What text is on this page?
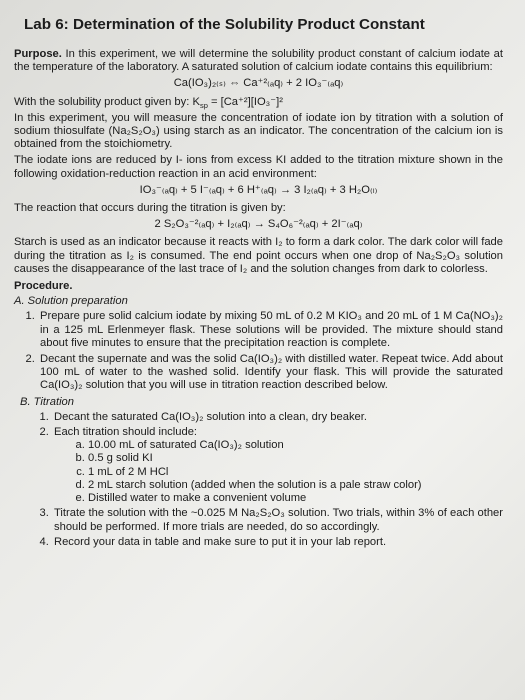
Lab 6: Determination of the Solubility Product Constant

Purpose. In this experiment, we will determine the solubility product constant of calcium iodate at the temperature of the laboratory. A saturated solution of calcium iodate contains this equilibrium:

Ca(IO₃)₂₍ₛ₎ ⇔ Ca⁺²₍ₐq₎ + 2 IO₃⁻₍ₐq₎

With the solubility product given by: $K_{sp} = [Ca^{+2}][IO_3^-]^2$

In this experiment, you will measure the concentration of iodate ion by titration with a solution of sodium thiosulfate (Na₂S₂O₃) using starch as an indicator. The concentration of the calcium ion is obtained from the stoichiometry.

The iodate ions are reduced by I- ions from excess KI added to the titration mixture shown in the following oxidation-reduction reaction in an acid environment:

IO₃⁻₍ₐq₎ + 5 I⁻₍ₐq₎ + 6 H⁺₍ₐq₎ → 3 I₂₍ₐq₎ + 3 H₂O₍ₗ₎

The reaction that occurs during the titration is given by:

2 S₂O₃⁻²₍ₐq₎ + I₂₍ₐq₎ → S₄O₆⁻²₍ₐq₎ + 2I⁻₍ₐq₎

Starch is used as an indicator because it reacts with I₂ to form a dark color. The dark color will fade during the titration as I₂ is consumed. The end point occurs when one drop of Na₂S₂O₃ solution causes the disappearance of the last trace of I₂ and the solution changes from dark to colorless.

Procedure.
A. Solution preparation
1. Prepare pure solid calcium iodate by mixing 50 mL of 0.2 M KIO₃ and 20 mL of 1 M Ca(NO₃)₂ in a 125 mL Erlenmeyer flask. These solutions will be provided. The mixture should stand about five minutes to ensure that the precipitation reaction is complete.
2. Decant the supernate and was the solid Ca(IO₃)₂ with distilled water. Repeat twice. Add about 100 mL of water to the washed solid. Identify your flask. This will provide the saturated Ca(IO₃)₂ solution that you will use in titration reaction described below.
B. Titration
1. Decant the saturated Ca(IO₃)₂ solution into a clean, dry beaker.
2. Each titration should include:
a. 10.00 mL of saturated Ca(IO₃)₂ solution
b. 0.5 g solid KI
c. 1 mL of 2 M HCl
d. 2 mL starch solution (added when the solution is a pale straw color)
e. Distilled water to make a convenient volume
3. Titrate the solution with the ~0.025 M Na₂S₂O₃ solution. Two trials, within 3% of each other should be performed. If more trials are needed, do so accordingly.
4. Record your data in table and make sure to put it in your lab report.
